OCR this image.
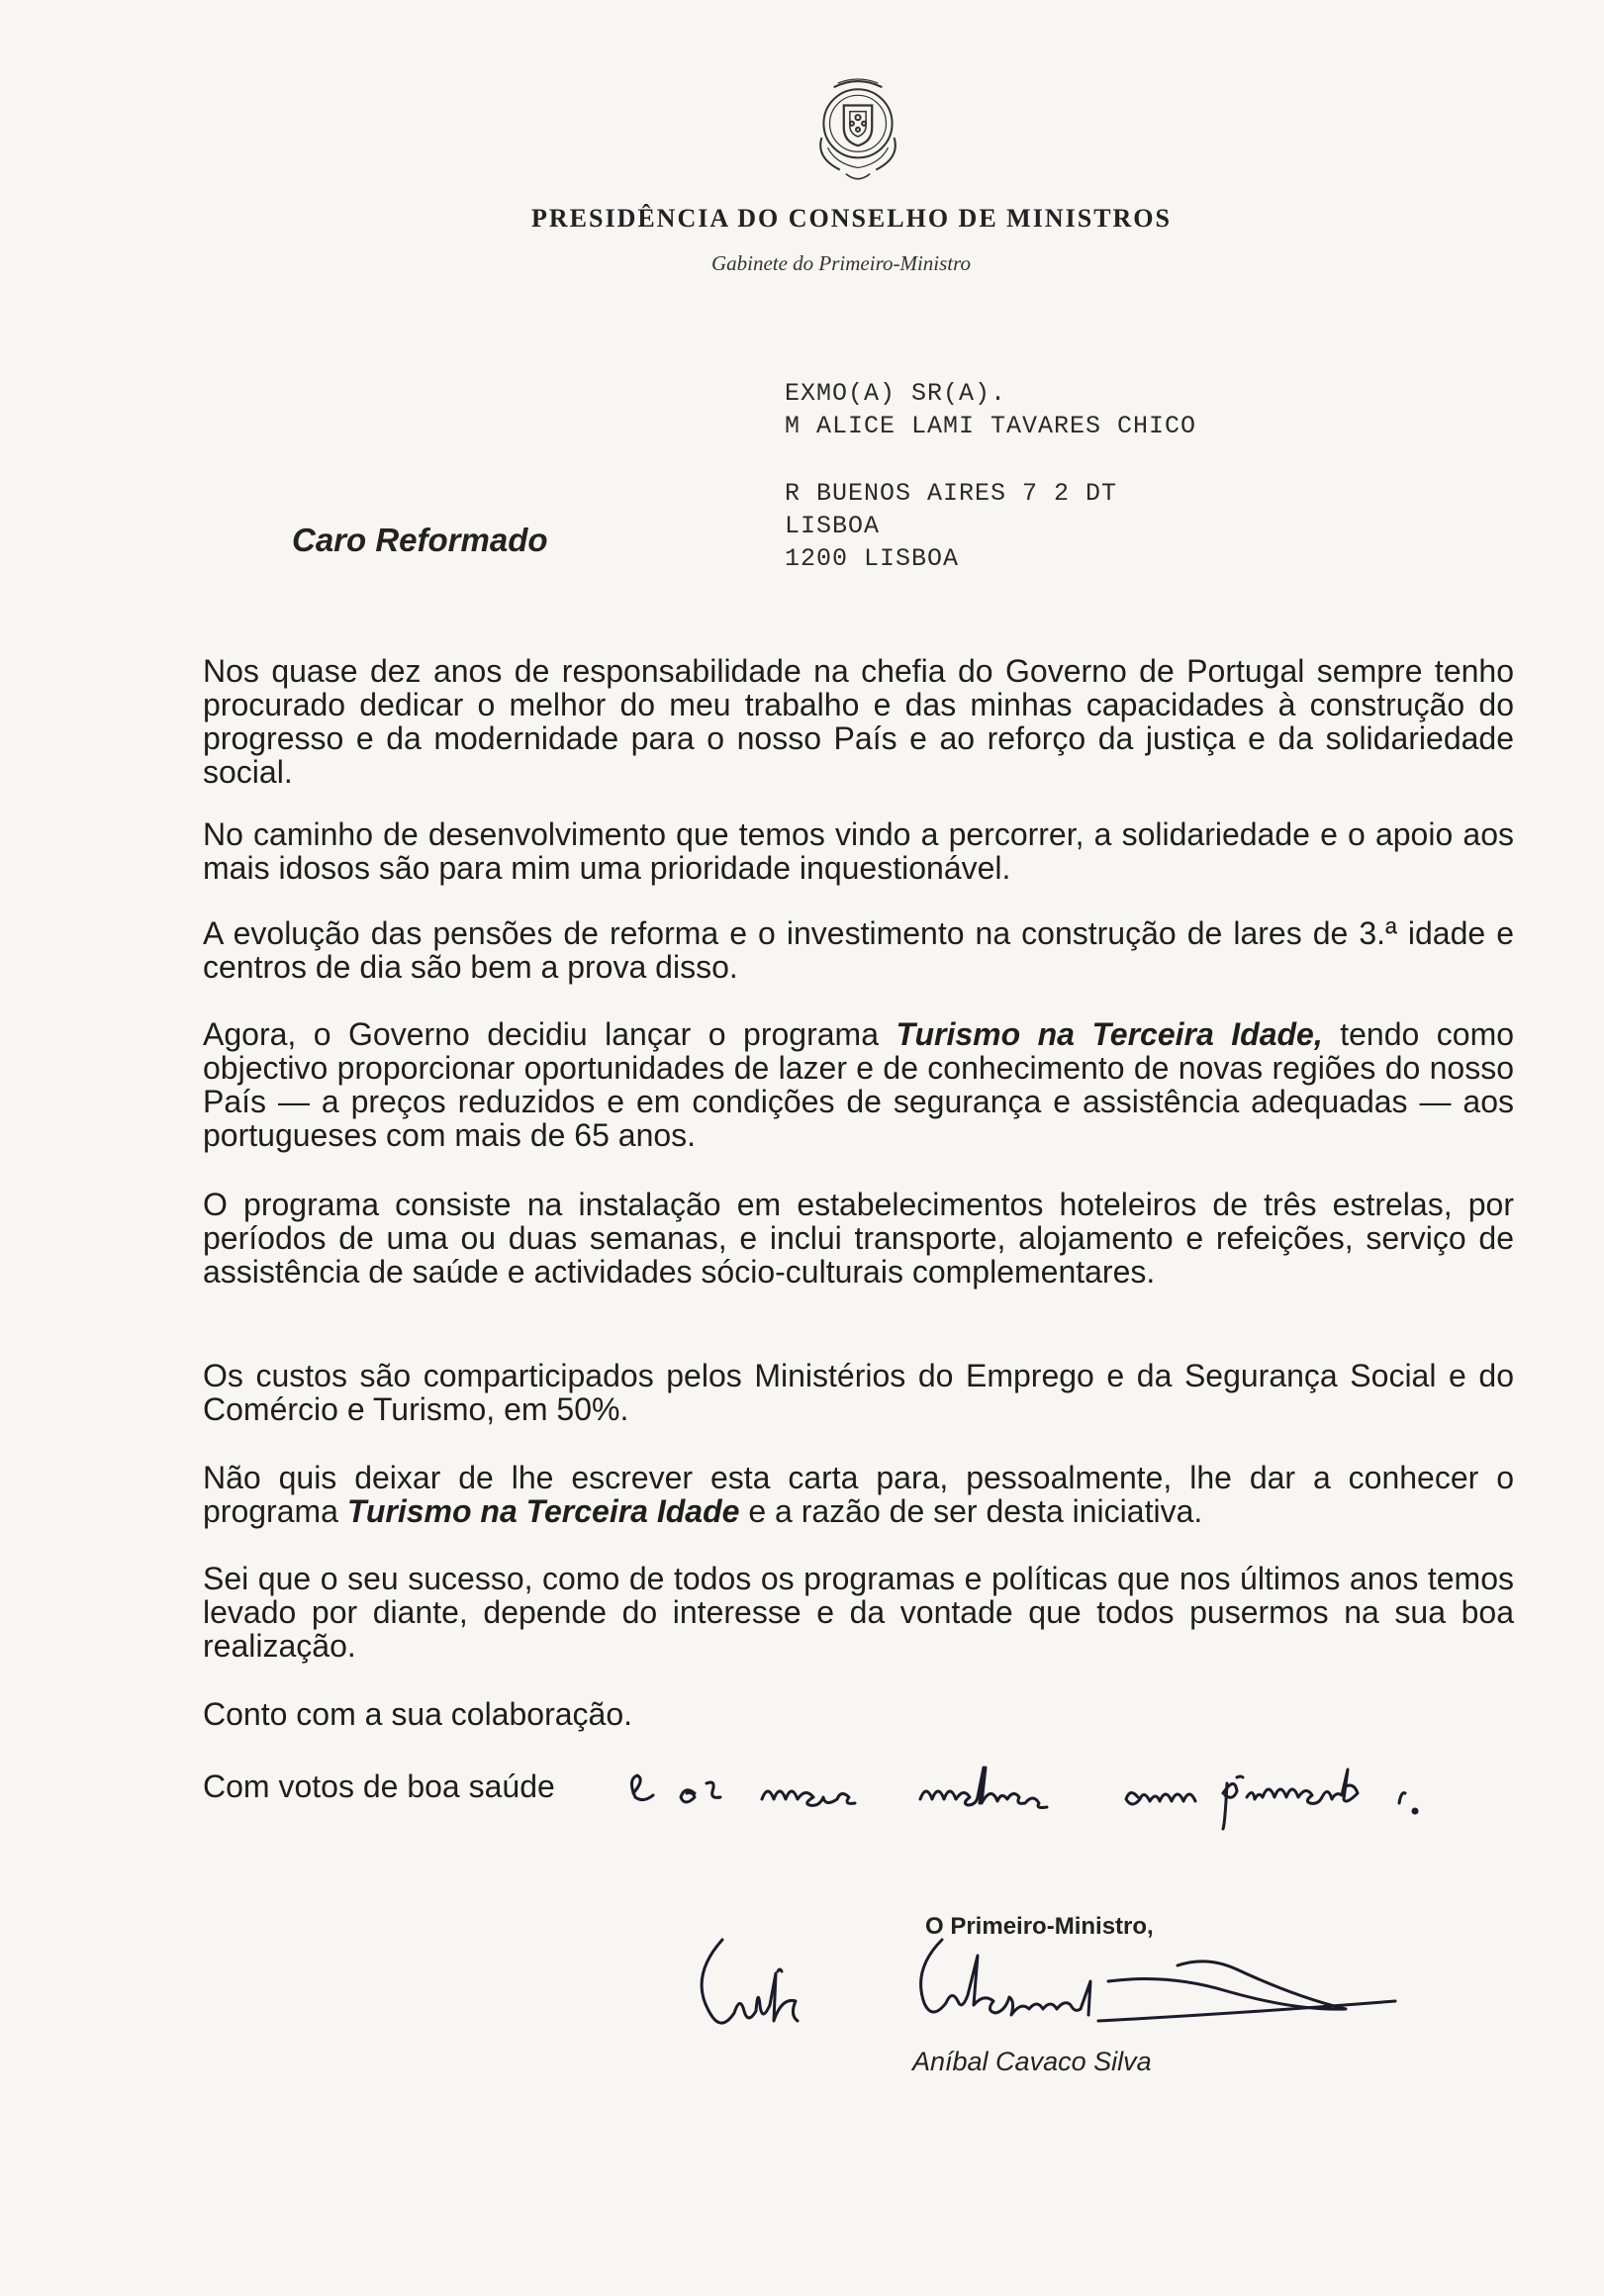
PRESIDÊNCIA DO CONSELHO DE MINISTROS
Gabinete do Primeiro-Ministro
EXMO(A) SR(A).
M ALICE LAMI TAVARES CHICO
R BUENOS AIRES 7 2 DT
LISBOA
1200 LISBOA
Caro Reformado
Nos quase dez anos de responsabilidade na chefia do Governo de Portugal sempre tenho procurado dedicar o melhor do meu trabalho e das minhas capacidades à construção do progresso e da modernidade para o nosso País e ao reforço da justiça e da solidariedade social.
No caminho de desenvolvimento que temos vindo a percorrer, a solidariedade e o apoio aos mais idosos são para mim uma prioridade inquestionável.
A evolução das pensões de reforma e o investimento na construção de lares de 3.ª idade e centros de dia são bem a prova disso.
Agora, o Governo decidiu lançar o programa Turismo na Terceira Idade, tendo como objectivo proporcionar oportunidades de lazer e de conhecimento de novas regiões do nosso País — a preços reduzidos e em condições de segurança e assistência adequadas — aos portugueses com mais de 65 anos.
O programa consiste na instalação em estabelecimentos hoteleiros de três estrelas, por períodos de uma ou duas semanas, e inclui transporte, alojamento e refeições, serviço de assistência de saúde e actividades sócio-culturais complementares.
Os custos são comparticipados pelos Ministérios do Emprego e da Segurança Social e do Comércio e Turismo, em 50%.
Não quis deixar de lhe escrever esta carta para, pessoalmente, lhe dar a conhecer o programa Turismo na Terceira Idade e a razão de ser desta iniciativa.
Sei que o seu sucesso, como de todos os programas e políticas que nos últimos anos temos levado por diante, depende do interesse e da vontade que todos pusermos na sua boa realização.
Conto com a sua colaboração.
Com votos de boa saúde
O Primeiro-Ministro,
Aníbal Cavaco Silva
